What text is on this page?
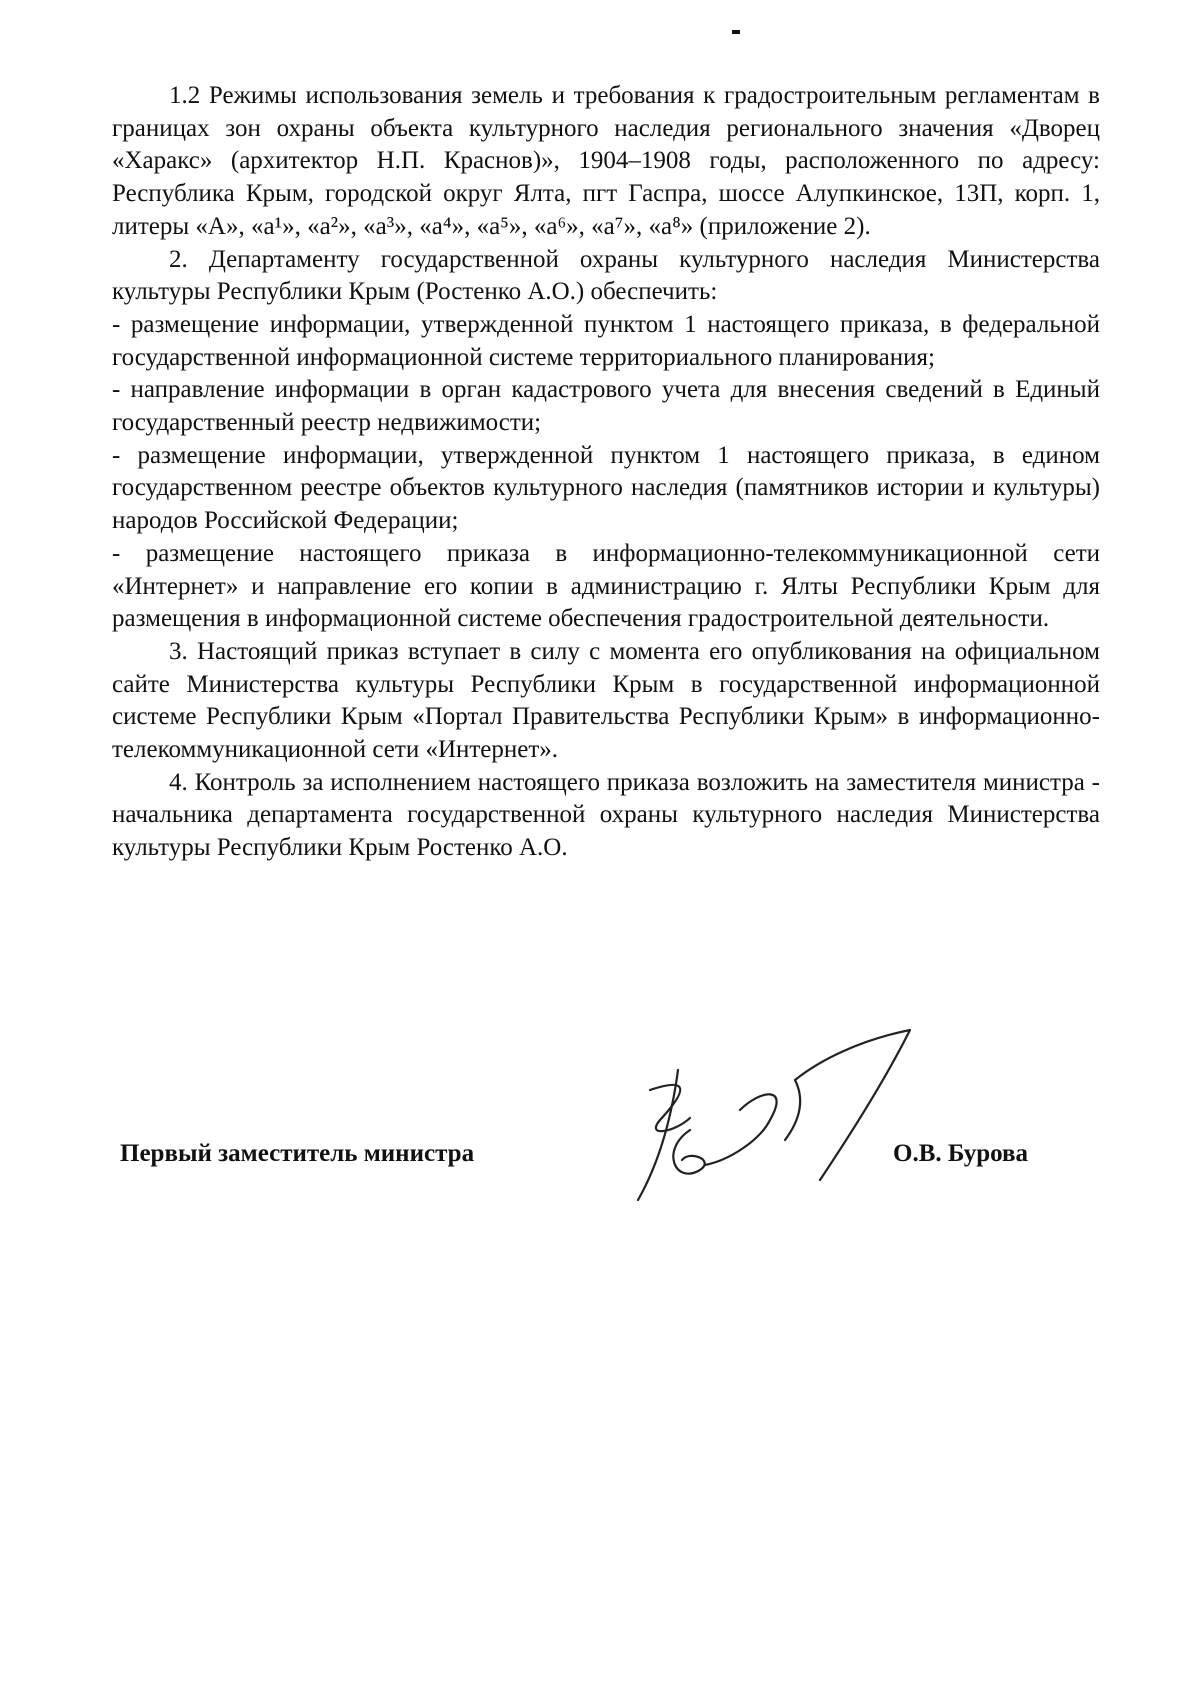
1.2 Режимы использования земель и требования к градостроительным регламентам в границах зон охраны объекта культурного наследия регионального значения «Дворец «Харакс» (архитектор Н.П. Краснов)», 1904–1908 годы, расположенного по адресу: Республика Крым, городской округ Ялта, пгт Гаспра, шоссе Алупкинское, 13П, корп. 1, литеры «А», «а¹», «а²», «а³», «а⁴», «а⁵», «а⁶», «а⁷», «а⁸» (приложение 2).

2. Департаменту государственной охраны культурного наследия Министерства культуры Республики Крым (Ростенко А.О.) обеспечить:

- размещение информации, утвержденной пунктом 1 настоящего приказа, в федеральной государственной информационной системе территориального планирования;

- направление информации в орган кадастрового учета для внесения сведений в Единый государственный реестр недвижимости;

- размещение информации, утвержденной пунктом 1 настоящего приказа, в едином государственном реестре объектов культурного наследия (памятников истории и культуры) народов Российской Федерации;

- размещение настоящего приказа в информационно-телекоммуникационной сети «Интернет» и направление его копии в администрацию г. Ялты Республики Крым для размещения в информационной системе обеспечения градостроительной деятельности.

3. Настоящий приказ вступает в силу с момента его опубликования на официальном сайте Министерства культуры Республики Крым в государственной информационной системе Республики Крым «Портал Правительства Республики Крым» в информационно-телекоммуникационной сети «Интернет».

4. Контроль за исполнением настоящего приказа возложить на заместителя министра - начальника департамента государственной охраны культурного наследия Министерства культуры Республики Крым Ростенко А.О.

Первый заместитель министра	О.В. Бурова
